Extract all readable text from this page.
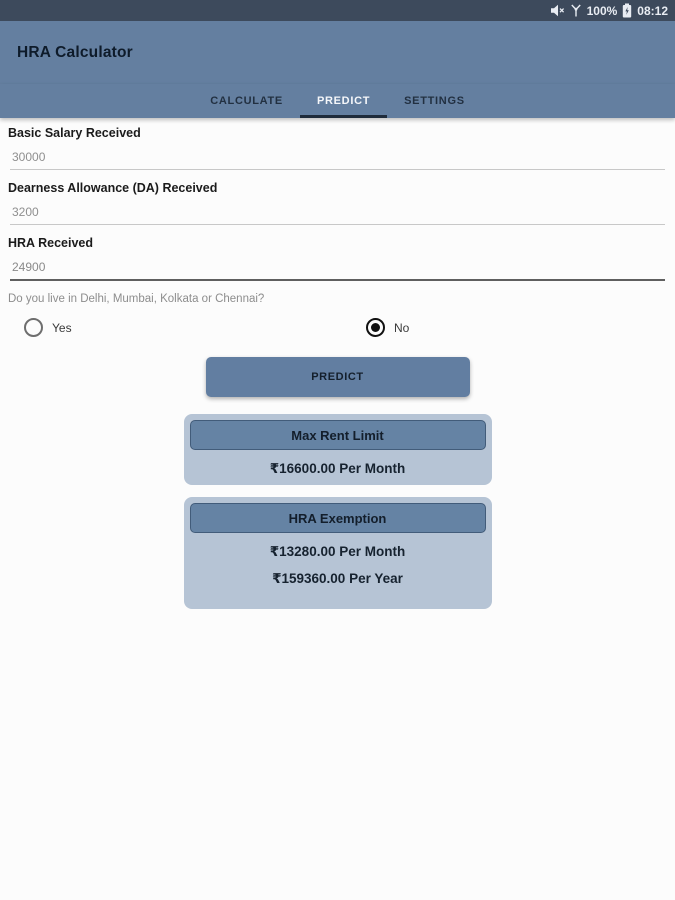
100% 08:12
HRA Calculator
CALCULATE	PREDICT	SETTINGS
Basic Salary Received
30000
Dearness Allowance (DA) Received
3200
HRA Received
24900
Do you live in Delhi, Mumbai, Kolkata or Chennai?
Yes	No
PREDICT
Max Rent Limit
₹16600.00 Per Month
HRA Exemption
₹13280.00 Per Month
₹159360.00 Per Year
